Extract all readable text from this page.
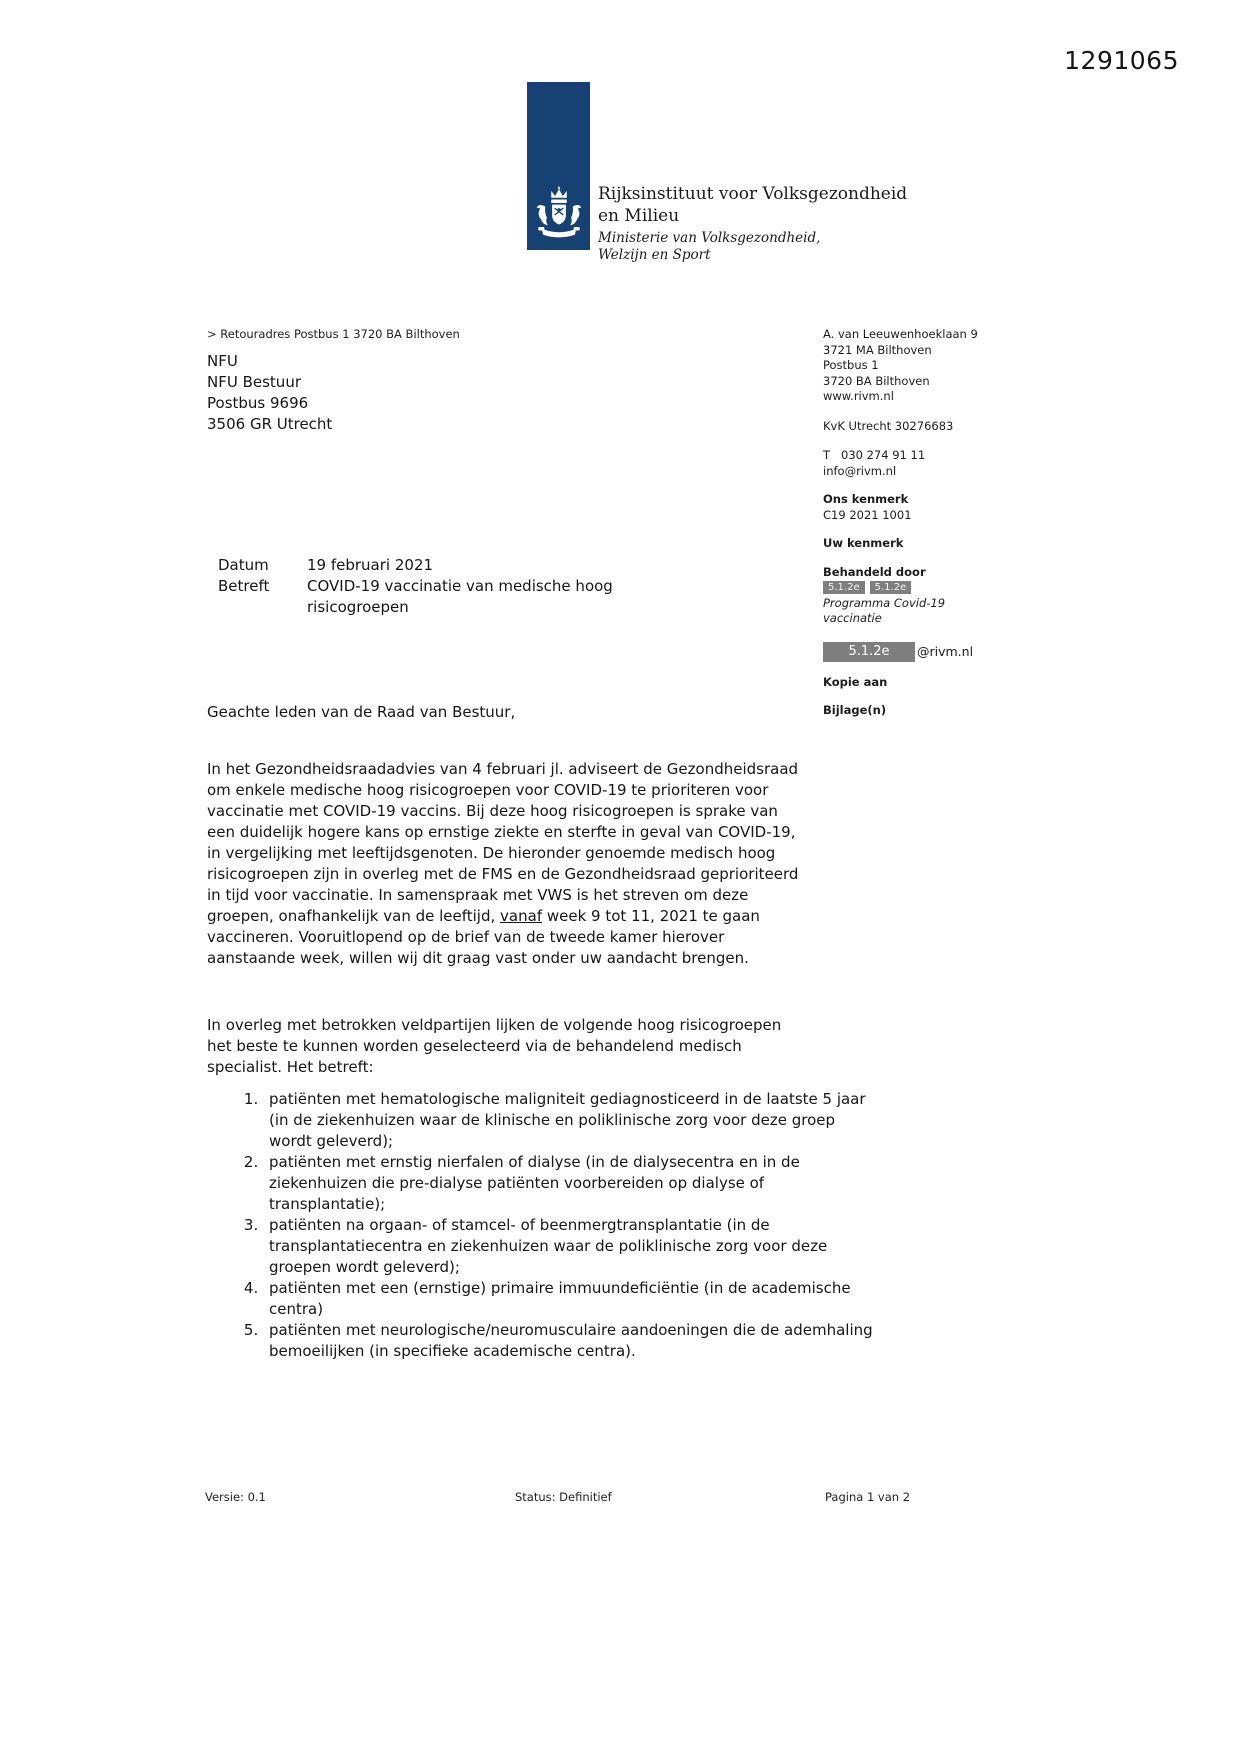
1291065
Rijksinstituut voor Volksgezondheid
en Milieu
Ministerie van Volksgezondheid,
Welzijn en Sport
> Retouradres Postbus 1 3720 BA Bilthoven
NFU
NFU Bestuur
Postbus 9696
3506 GR Utrecht
A. van Leeuwenhoeklaan 9
3721 MA Bilthoven
Postbus 1
3720 BA Bilthoven
www.rivm.nl
KvK Utrecht 30276683
T 030 274 91 11
info@rivm.nl
Ons kenmerk
C19 2021 1001
Uw kenmerk
Behandeld door
5.1.2e 5.1.2e
Programma Covid-19
vaccinatie
5.1.2e	@rivm.nl
Kopie aan
Bijlage(n)
Datum	19 februari 2021
Betreft	COVID-19 vaccinatie van medische hoog risicogroepen
Geachte leden van de Raad van Bestuur,

In het Gezondheidsraadadvies van 4 februari jl. adviseert de Gezondheidsraad om enkele medische hoog risicogroepen voor COVID-19 te prioriteren voor vaccinatie met COVID-19 vaccins. Bij deze hoog risicogroepen is sprake van een duidelijk hogere kans op ernstige ziekte en sterfte in geval van COVID-19, in vergelijking met leeftijdsgenoten. De hieronder genoemde medisch hoog risicogroepen zijn in overleg met de FMS en de Gezondheidsraad geprioriteerd in tijd voor vaccinatie. In samenspraak met VWS is het streven om deze groepen, onafhankelijk van de leeftijd, vanaf week 9 tot 11, 2021 te gaan vaccineren. Vooruitlopend op de brief van de tweede kamer hierover aanstaande week, willen wij dit graag vast onder uw aandacht brengen.

In overleg met betrokken veldpartijen lijken de volgende hoog risicogroepen het beste te kunnen worden geselecteerd via de behandelend medisch specialist. Het betreft:

1. patiënten met hematologische maligniteit gediagnosticeerd in de laatste 5 jaar (in de ziekenhuizen waar de klinische en poliklinische zorg voor deze groep wordt geleverd);
2. patiënten met ernstig nierfalen of dialyse (in de dialysecentra en in de ziekenhuizen die pre-dialyse patiënten voorbereiden op dialyse of transplantatie);
3. patiënten na orgaan- of stamcel- of beenmergtransplantatie (in de transplantatiecentra en ziekenhuizen waar de poliklinische zorg voor deze groepen wordt geleverd);
4. patiënten met een (ernstige) primaire immuundeficiëntie (in de academische centra)
5. patiënten met neurologische/neuromusculaire aandoeningen die de ademhaling bemoeilijken (in specifieke academische centra).
Versie: 0.1	Status: Definitief	Pagina 1 van 2
